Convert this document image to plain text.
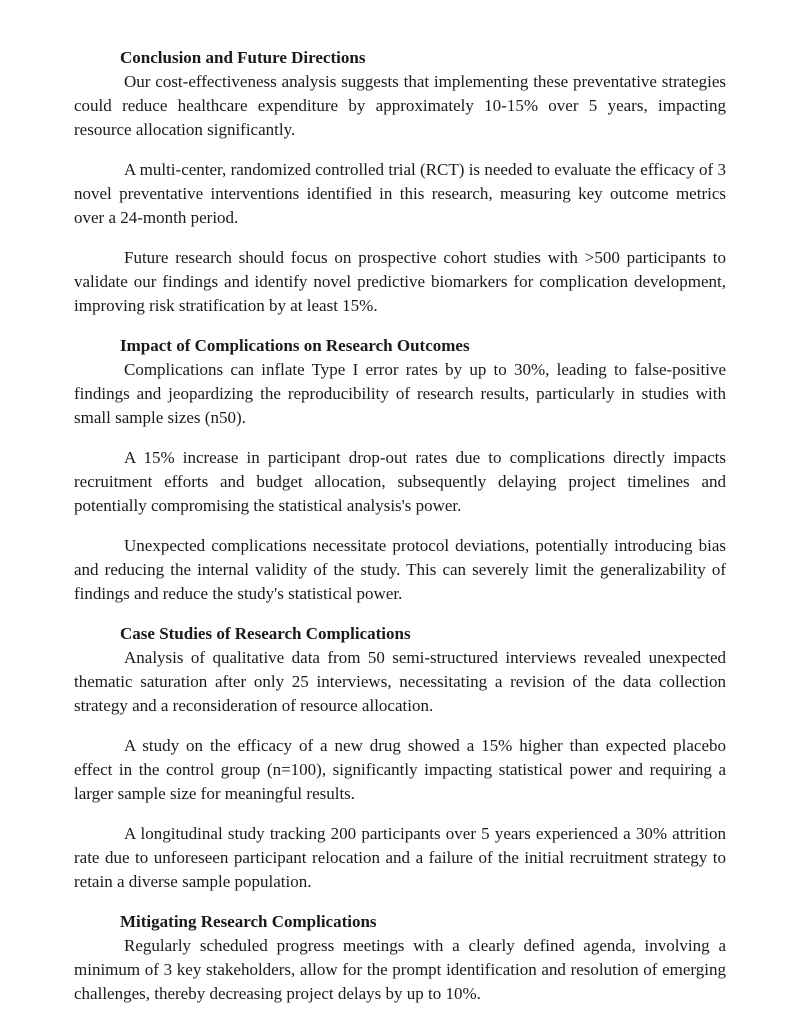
Conclusion and Future Directions

Our cost-effectiveness analysis suggests that implementing these preventative strategies could reduce healthcare expenditure by approximately 10-15% over 5 years, impacting resource allocation significantly.

A multi-center, randomized controlled trial (RCT) is needed to evaluate the efficacy of 3 novel preventative interventions identified in this research, measuring key outcome metrics over a 24-month period.

Future research should focus on prospective cohort studies with >500 participants to validate our findings and identify novel predictive biomarkers for complication development, improving risk stratification by at least 15%.

Impact of Complications on Research Outcomes

Complications can inflate Type I error rates by up to 30%, leading to false-positive findings and jeopardizing the reproducibility of research results, particularly in studies with small sample sizes (n50).

A 15% increase in participant drop-out rates due to complications directly impacts recruitment efforts and budget allocation, subsequently delaying project timelines and potentially compromising the statistical analysis's power.

Unexpected complications necessitate protocol deviations, potentially introducing bias and reducing the internal validity of the study. This can severely limit the generalizability of findings and reduce the study's statistical power.

Case Studies of Research Complications

Analysis of qualitative data from 50 semi-structured interviews revealed unexpected thematic saturation after only 25 interviews, necessitating a revision of the data collection strategy and a reconsideration of resource allocation.

A study on the efficacy of a new drug showed a 15% higher than expected placebo effect in the control group (n=100), significantly impacting statistical power and requiring a larger sample size for meaningful results.

A longitudinal study tracking 200 participants over 5 years experienced a 30% attrition rate due to unforeseen participant relocation and a failure of the initial recruitment strategy to retain a diverse sample population.

Mitigating Research Complications

Regularly scheduled progress meetings with a clearly defined agenda, involving a minimum of 3 key stakeholders, allow for the prompt identification and resolution of emerging challenges, thereby decreasing project delays by up to 10%.
